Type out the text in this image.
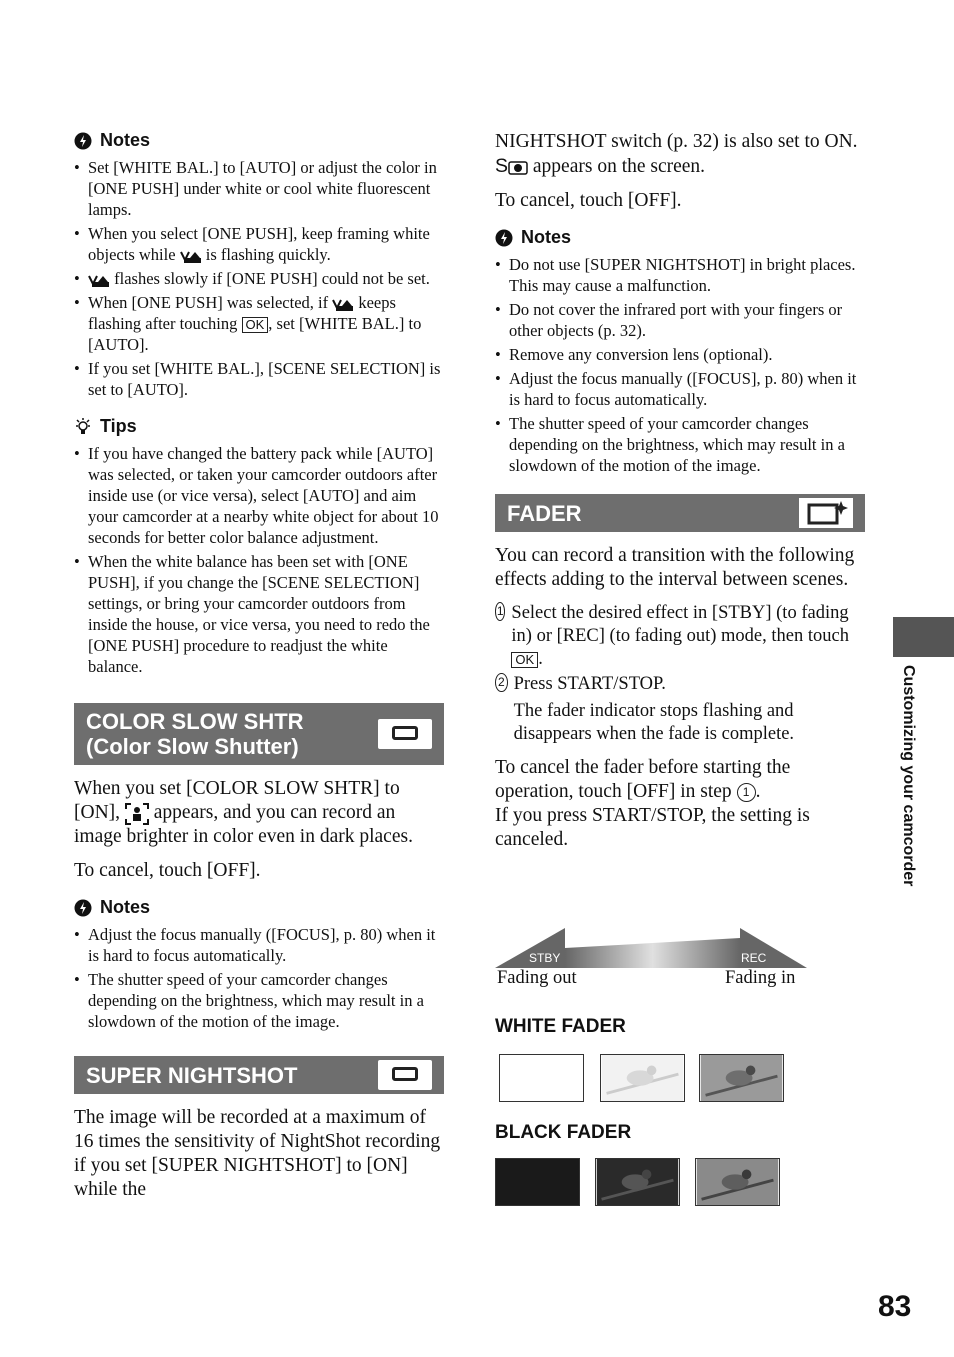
Notes
• Set [WHITE BAL.] to [AUTO] or adjust the color in [ONE PUSH] under white or cool white fluorescent lamps.
• When you select [ONE PUSH], keep framing white objects while is flashing quickly.
• flashes slowly if [ONE PUSH] could not be set.
• When [ONE PUSH] was selected, if keeps flashing after touching OK , set [WHITE BAL.] to [AUTO].
• If you set [WHITE BAL.], [SCENE SELECTION] is set to [AUTO].
Tips
• If you have changed the battery pack while [AUTO] was selected, or taken your camcorder outdoors after inside use (or vice versa), select [AUTO] and aim your camcorder at a nearby white object for about 10 seconds for better color balance adjustment.
• When the white balance has been set with [ONE PUSH], if you change the [SCENE SELECTION] settings, or bring your camcorder outdoors from inside the house, or vice versa, you need to redo the [ONE PUSH] procedure to readjust the white balance.
COLOR SLOW SHTR
(Color Slow Shutter)

When you set [COLOR SLOW SHTR] to [ON], appears, and you can record an image brighter in color even in dark places.

To cancel, touch [OFF].

Notes
• Adjust the focus manually ([FOCUS], p. 80) when it is hard to focus automatically.
• The shutter speed of your camcorder changes depending on the brightness, which may result in a slowdown of the motion of the image.
SUPER NIGHTSHOT

The image will be recorded at a maximum of 16 times the sensitivity of NightShot recording if you set [SUPER NIGHTSHOT] to [ON] while the

NIGHTSHOT switch (p. 32) is also set to ON.

S appears on the screen.

To cancel, touch [OFF].

Notes
• Do not use [SUPER NIGHTSHOT] in bright places. This may cause a malfunction.
• Do not cover the infrared port with your fingers or other objects (p. 32).
• Remove any conversion lens (optional).
• Adjust the focus manually ([FOCUS], p. 80) when it is hard to focus automatically.
• The shutter speed of your camcorder changes depending on the brightness, which may result in a slowdown of the motion of the image.
FADER

You can record a transition with the following effects adding to the interval between scenes.

1 Select the desired effect in [STBY] (to fading in) or [REC] (to fading out) mode, then touch OK .
2 Press START/STOP.
The fader indicator stops flashing and disappears when the fade is complete.

To cancel the fader before starting the operation, touch [OFF] in step 1 .

If you press START/STOP, the setting is canceled.

STBY	REC
Fading out	Fading in
WHITE FADER
BLACK FADER
Customizing your camcorder
83
